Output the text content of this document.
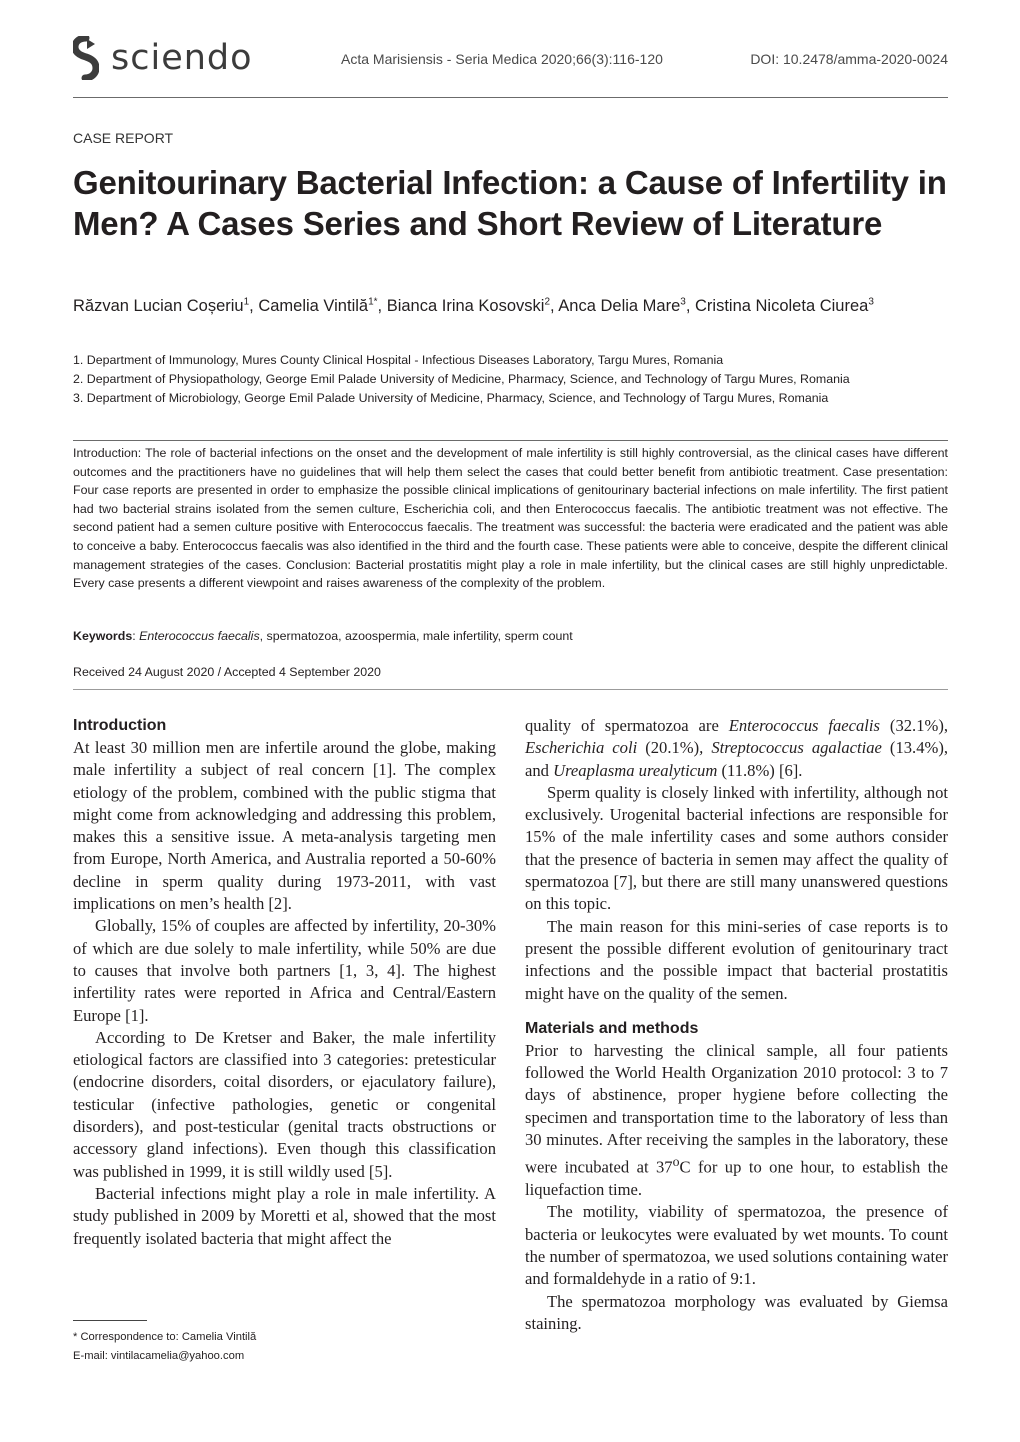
sciendo	Acta Marisiensis - Seria Medica 2020;66(3):116-120	DOI: 10.2478/amma-2020-0024
CASE REPORT
Genitourinary Bacterial Infection: a Cause of Infertility in Men? A Cases Series and Short Review of Literature
Răzvan Lucian Coșeriu$^1$, Camelia Vintilă$^{1*}$, Bianca Irina Kosovski$^2$, Anca Delia Mare$^3$, Cristina Nicoleta Ciurea$^3$
1. Department of Immunology, Mures County Clinical Hospital - Infectious Diseases Laboratory, Targu Mures, Romania
2. Department of Physiopathology, George Emil Palade University of Medicine, Pharmacy, Science, and Technology of Targu Mures, Romania
3. Department of Microbiology, George Emil Palade University of Medicine, Pharmacy, Science, and Technology of Targu Mures, Romania
Introduction: The role of bacterial infections on the onset and the development of male infertility is still highly controversial, as the clinical cases have different outcomes and the practitioners have no guidelines that will help them select the cases that could better benefit from antibiotic treatment. Case presentation: Four case reports are presented in order to emphasize the possible clinical implications of genitourinary bacterial infections on male infertility. The first patient had two bacterial strains isolated from the semen culture, Escherichia coli, and then Enterococcus faecalis. The antibiotic treatment was not effective. The second patient had a semen culture positive with Enterococcus faecalis. The treatment was successful: the bacteria were eradicated and the patient was able to conceive a baby. Enterococcus faecalis was also identified in the third and the fourth case. These patients were able to conceive, despite the different clinical management strategies of the cases. Conclusion: Bacterial prostatitis might play a role in male infertility, but the clinical cases are still highly unpredictable. Every case presents a different viewpoint and raises awareness of the complexity of the problem.
Keywords: Enterococcus faecalis, spermatozoa, azoospermia, male infertility, sperm count
Received 24 August 2020 / Accepted 4 September 2020
Introduction

At least 30 million men are infertile around the globe, making male infertility a subject of real concern [1]. The complex etiology of the problem, combined with the public stigma that might come from acknowledging and addressing this problem, makes this a sensitive issue. A meta-analysis targeting men from Europe, North America, and Australia reported a 50-60% decline in sperm quality during 1973-2011, with vast implications on men’s health [2].

Globally, 15% of couples are affected by infertility, 20-30% of which are due solely to male infertility, while 50% are due to causes that involve both partners [1, 3, 4]. The highest infertility rates were reported in Africa and Central/Eastern Europe [1].

According to De Kretser and Baker, the male infertility etiological factors are classified into 3 categories: pretesticular (endocrine disorders, coital disorders, or ejaculatory failure), testicular (infective pathologies, genetic or congenital disorders), and post-testicular (genital tracts obstructions or accessory gland infections). Even though this classification was published in 1999, it is still wildly used [5].

Bacterial infections might play a role in male infertility. A study published in 2009 by Moretti et al, showed that the most frequently isolated bacteria that might affect the

quality of spermatozoa are Enterococcus faecalis (32.1%), Escherichia coli (20.1%), Streptococcus agalactiae (13.4%), and Ureaplasma urealyticum (11.8%) [6].

Sperm quality is closely linked with infertility, although not exclusively. Urogenital bacterial infections are responsible for 15% of the male infertility cases and some authors consider that the presence of bacteria in semen may affect the quality of spermatozoa [7], but there are still many unanswered questions on this topic.

The main reason for this mini-series of case reports is to present the possible different evolution of genitourinary tract infections and the possible impact that bacterial prostatitis might have on the quality of the semen.

Materials and methods

Prior to harvesting the clinical sample, all four patients followed the World Health Organization 2010 protocol: 3 to 7 days of abstinence, proper hygiene before collecting the specimen and transportation time to the laboratory of less than 30 minutes. After receiving the samples in the laboratory, these were incubated at 37$^o$C for up to one hour, to establish the liquefaction time.

The motility, viability of spermatozoa, the presence of bacteria or leukocytes were evaluated by wet mounts. To count the number of spermatozoa, we used solutions containing water and formaldehyde in a ratio of 9:1.

The spermatozoa morphology was evaluated by Giemsa staining.

* Correspondence to: Camelia Vintilă
E-mail: vintilacamelia@yahoo.com
